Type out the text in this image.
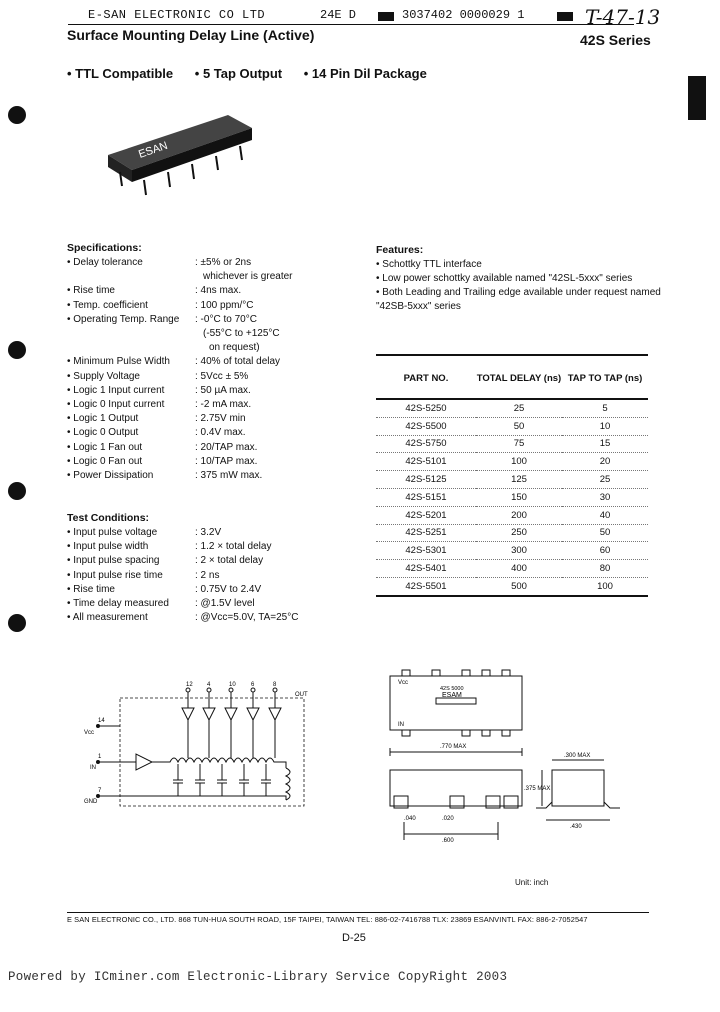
E-SAN ELECTRONIC CO LTD	24E D	3037402 0000029 1	T-47-13
Surface Mounting Delay Line (Active)	42S Series
• TTL Compatible • 5 Tap Output • 14 Pin Dil Package
ESAN
Specifications:
• Delay tolerance	: ±5% or 2ns
whichever is greater
• Rise time	: 4ns max.
• Temp. coefficient	: 100 ppm/°C
• Operating Temp. Range	: -0°C to 70°C
(-55°C to +125°C
on request)
• Minimum Pulse Width	: 40% of total delay
• Supply Voltage	: 5Vcc ± 5%
• Logic 1 Input current	: 50 µA max.
• Logic 0 Input current	: -2 mA max.
• Logic 1 Output	: 2.75V min
• Logic 0 Output	: 0.4V max.
• Logic 1 Fan out	: 20/TAP max.
• Logic 0 Fan out	: 10/TAP max.
• Power Dissipation	: 375 mW max.
Test Conditions:
• Input pulse voltage	: 3.2V
• Input pulse width	: 1.2 × total delay
• Input pulse spacing	: 2 × total delay
• Input pulse rise time	: 2 ns
• Rise time	: 0.75V to 2.4V
• Time delay measured	: @1.5V level
• All measurement	: @Vcc=5.0V, TA=25°C
Features:
• Schottky TTL interface
• Low power schottky available named "42SL-5xxx" series
• Both Leading and Trailing edge available under request named "42SB-5xxx" series
PART NO.	TOTAL DELAY (ns)	TAP TO TAP (ns)
42S-5250	25	5
42S-5500	50	10
42S-5750	75	15
42S-5101	100	20
42S-5125	125	25
42S-5151	150	30
42S-5201	200	40
42S-5251	250	50
42S-5301	300	60
42S-5401	400	80
42S-5501	500	100
OUT
12 4	10	6	8
14
1
7
Vcc
IN
GND
Vcc
IN
42S 5000
ESAM
.770 MAX
.040	.020
.600
.300 MAX
.375 MAX
.430
Unit: inch
E SAN ELECTRONIC CO., LTD. 868 TUN-HUA SOUTH ROAD, 15F TAIPEI, TAIWAN TEL: 886-02-7416788 TLX: 23869 ESANVINTL FAX: 886-2-7052547
D-25
Powered by ICminer.com Electronic-Library Service CopyRight 2003
